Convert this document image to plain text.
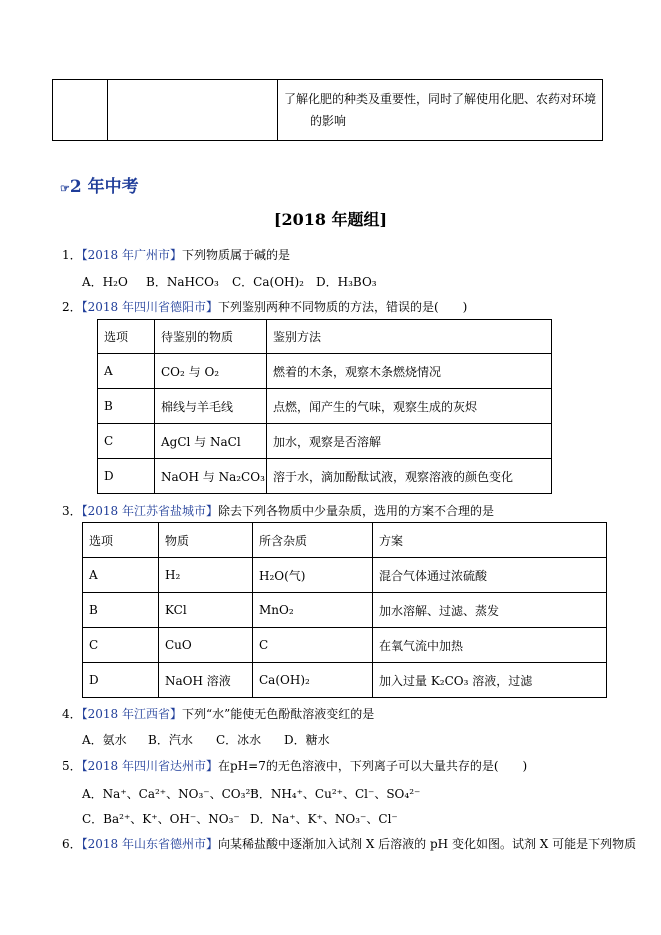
了解化肥的种类及重要性，同时了解使用化肥、农药对环境
的影响
☞2 年中考
[2018 年题组]
1．【2018 年广州市】下列物质属于碱的是
A．H₂O B．NaHCO₃ C．Ca(OH)₂ D．H₃BO₃
2．【2018 年四川省德阳市】下列鉴别两种不同物质的方法，错误的是(　　)
选项	待鉴别的物质	鉴别方法
A	CO₂ 与 O₂	燃着的木条，观察木条燃烧情况
B	棉线与羊毛线	点燃，闻产生的气味，观察生成的灰烬
C	AgCl 与 NaCl	加水，观察是否溶解
D	NaOH 与 Na₂CO₃	溶于水，滴加酚酞试液，观察溶液的颜色变化
3．【2018 年江苏省盐城市】除去下列各物质中少量杂质，选用的方案不合理的是
选项	物质	所含杂质	方案
A	H₂	H₂O(气)	混合气体通过浓硫酸
B	KCl	MnO₂	加水溶解、过滤、蒸发
C	CuO	C	在氧气流中加热
D	NaOH 溶液	Ca(OH)₂	加入过量 K₂CO₃ 溶液，过滤
4．【2018 年江西省】下列“水”能使无色酚酞溶液变红的是
A．氨水 B．汽水 C．冰水 D．糖水
5．【2018 年四川省达州市】在pH=7的无色溶液中，下列离子可以大量共存的是(　　)
A．Na⁺、Ca²⁺、NO₃⁻、CO₃²⁻
B．NH₄⁺、Cu²⁺、Cl⁻、SO₄²⁻
C．Ba²⁺、K⁺、OH⁻、NO₃⁻ D．Na⁺、K⁺、NO₃⁻、Cl⁻
6．【2018 年山东省德州市】向某稀盐酸中逐渐加入试剂 X 后溶液的 pH 变化如图。试剂 X 可能是下列物质
